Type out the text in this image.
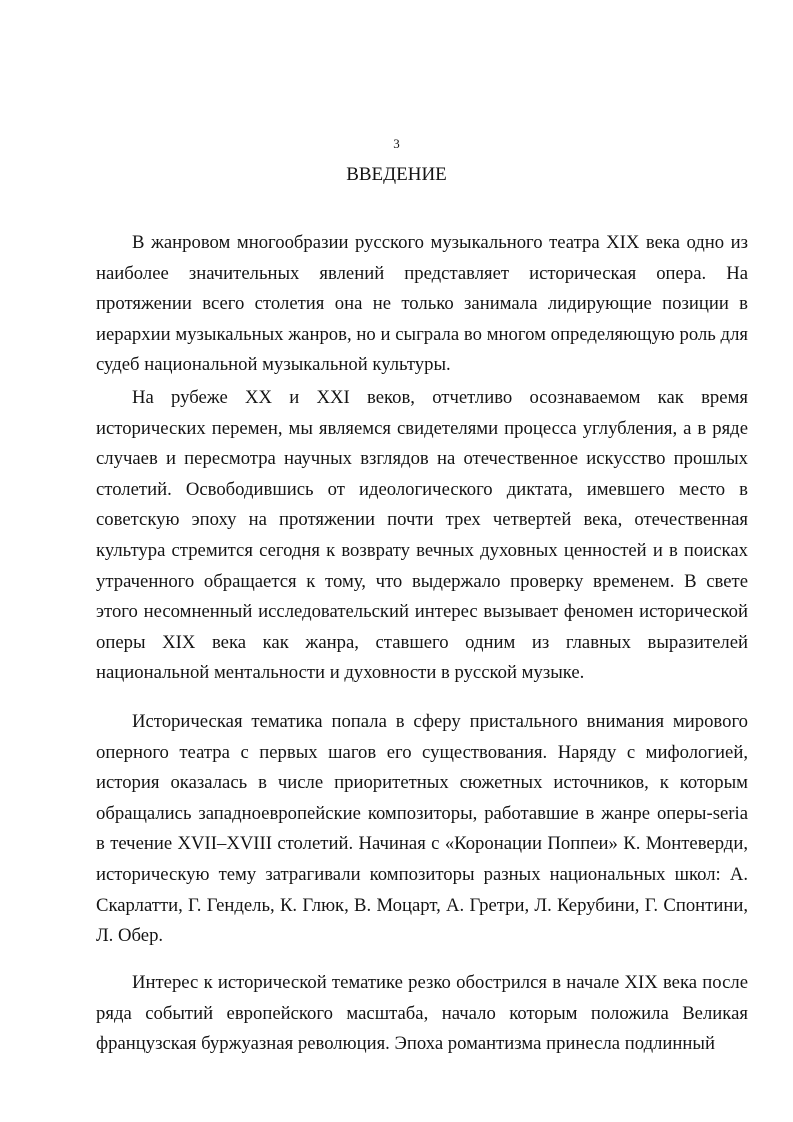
3
ВВЕДЕНИЕ

В жанровом многообразии русского музыкального театра XIX века одно из наиболее значительных явлений представляет историческая опера. На протяжении всего столетия она не только занимала лидирующие позиции в иерархии музыкальных жанров, но и сыграла во многом определяющую роль для судеб национальной музыкальной культуры.

На рубеже XX и XXI веков, отчетливо осознаваемом как время исторических перемен, мы являемся свидетелями процесса углубления, а в ряде случаев и пересмотра научных взглядов на отечественное искусство прошлых столетий. Освободившись от идеологического диктата, имевшего место в советскую эпоху на протяжении почти трех четвертей века, отечественная культура стремится сегодня к возврату вечных духовных ценностей и в поисках утраченного обращается к тому, что выдержало проверку временем. В свете этого несомненный исследовательский интерес вызывает феномен исторической оперы XIX века как жанра, ставшего одним из главных выразителей национальной ментальности и духовности в русской музыке.

Историческая тематика попала в сферу пристального внимания мирового оперного театра с первых шагов его существования. Наряду с мифологией, история оказалась в числе приоритетных сюжетных источников, к которым обращались западноевропейские композиторы, работавшие в жанре оперы-seria в течение XVII–XVIII столетий. Начиная с «Коронации Поппеи» К. Монтеверди, историческую тему затрагивали композиторы разных национальных школ: А. Скарлатти, Г. Гендель, К. Глюк, В. Моцарт, А. Гретри, Л. Керубини, Г. Спонтини, Л. Обер.

Интерес к исторической тематике резко обострился в начале XIX века после ряда событий европейского масштаба, начало которым положила Великая французская буржуазная революция. Эпоха романтизма принесла подлинный
